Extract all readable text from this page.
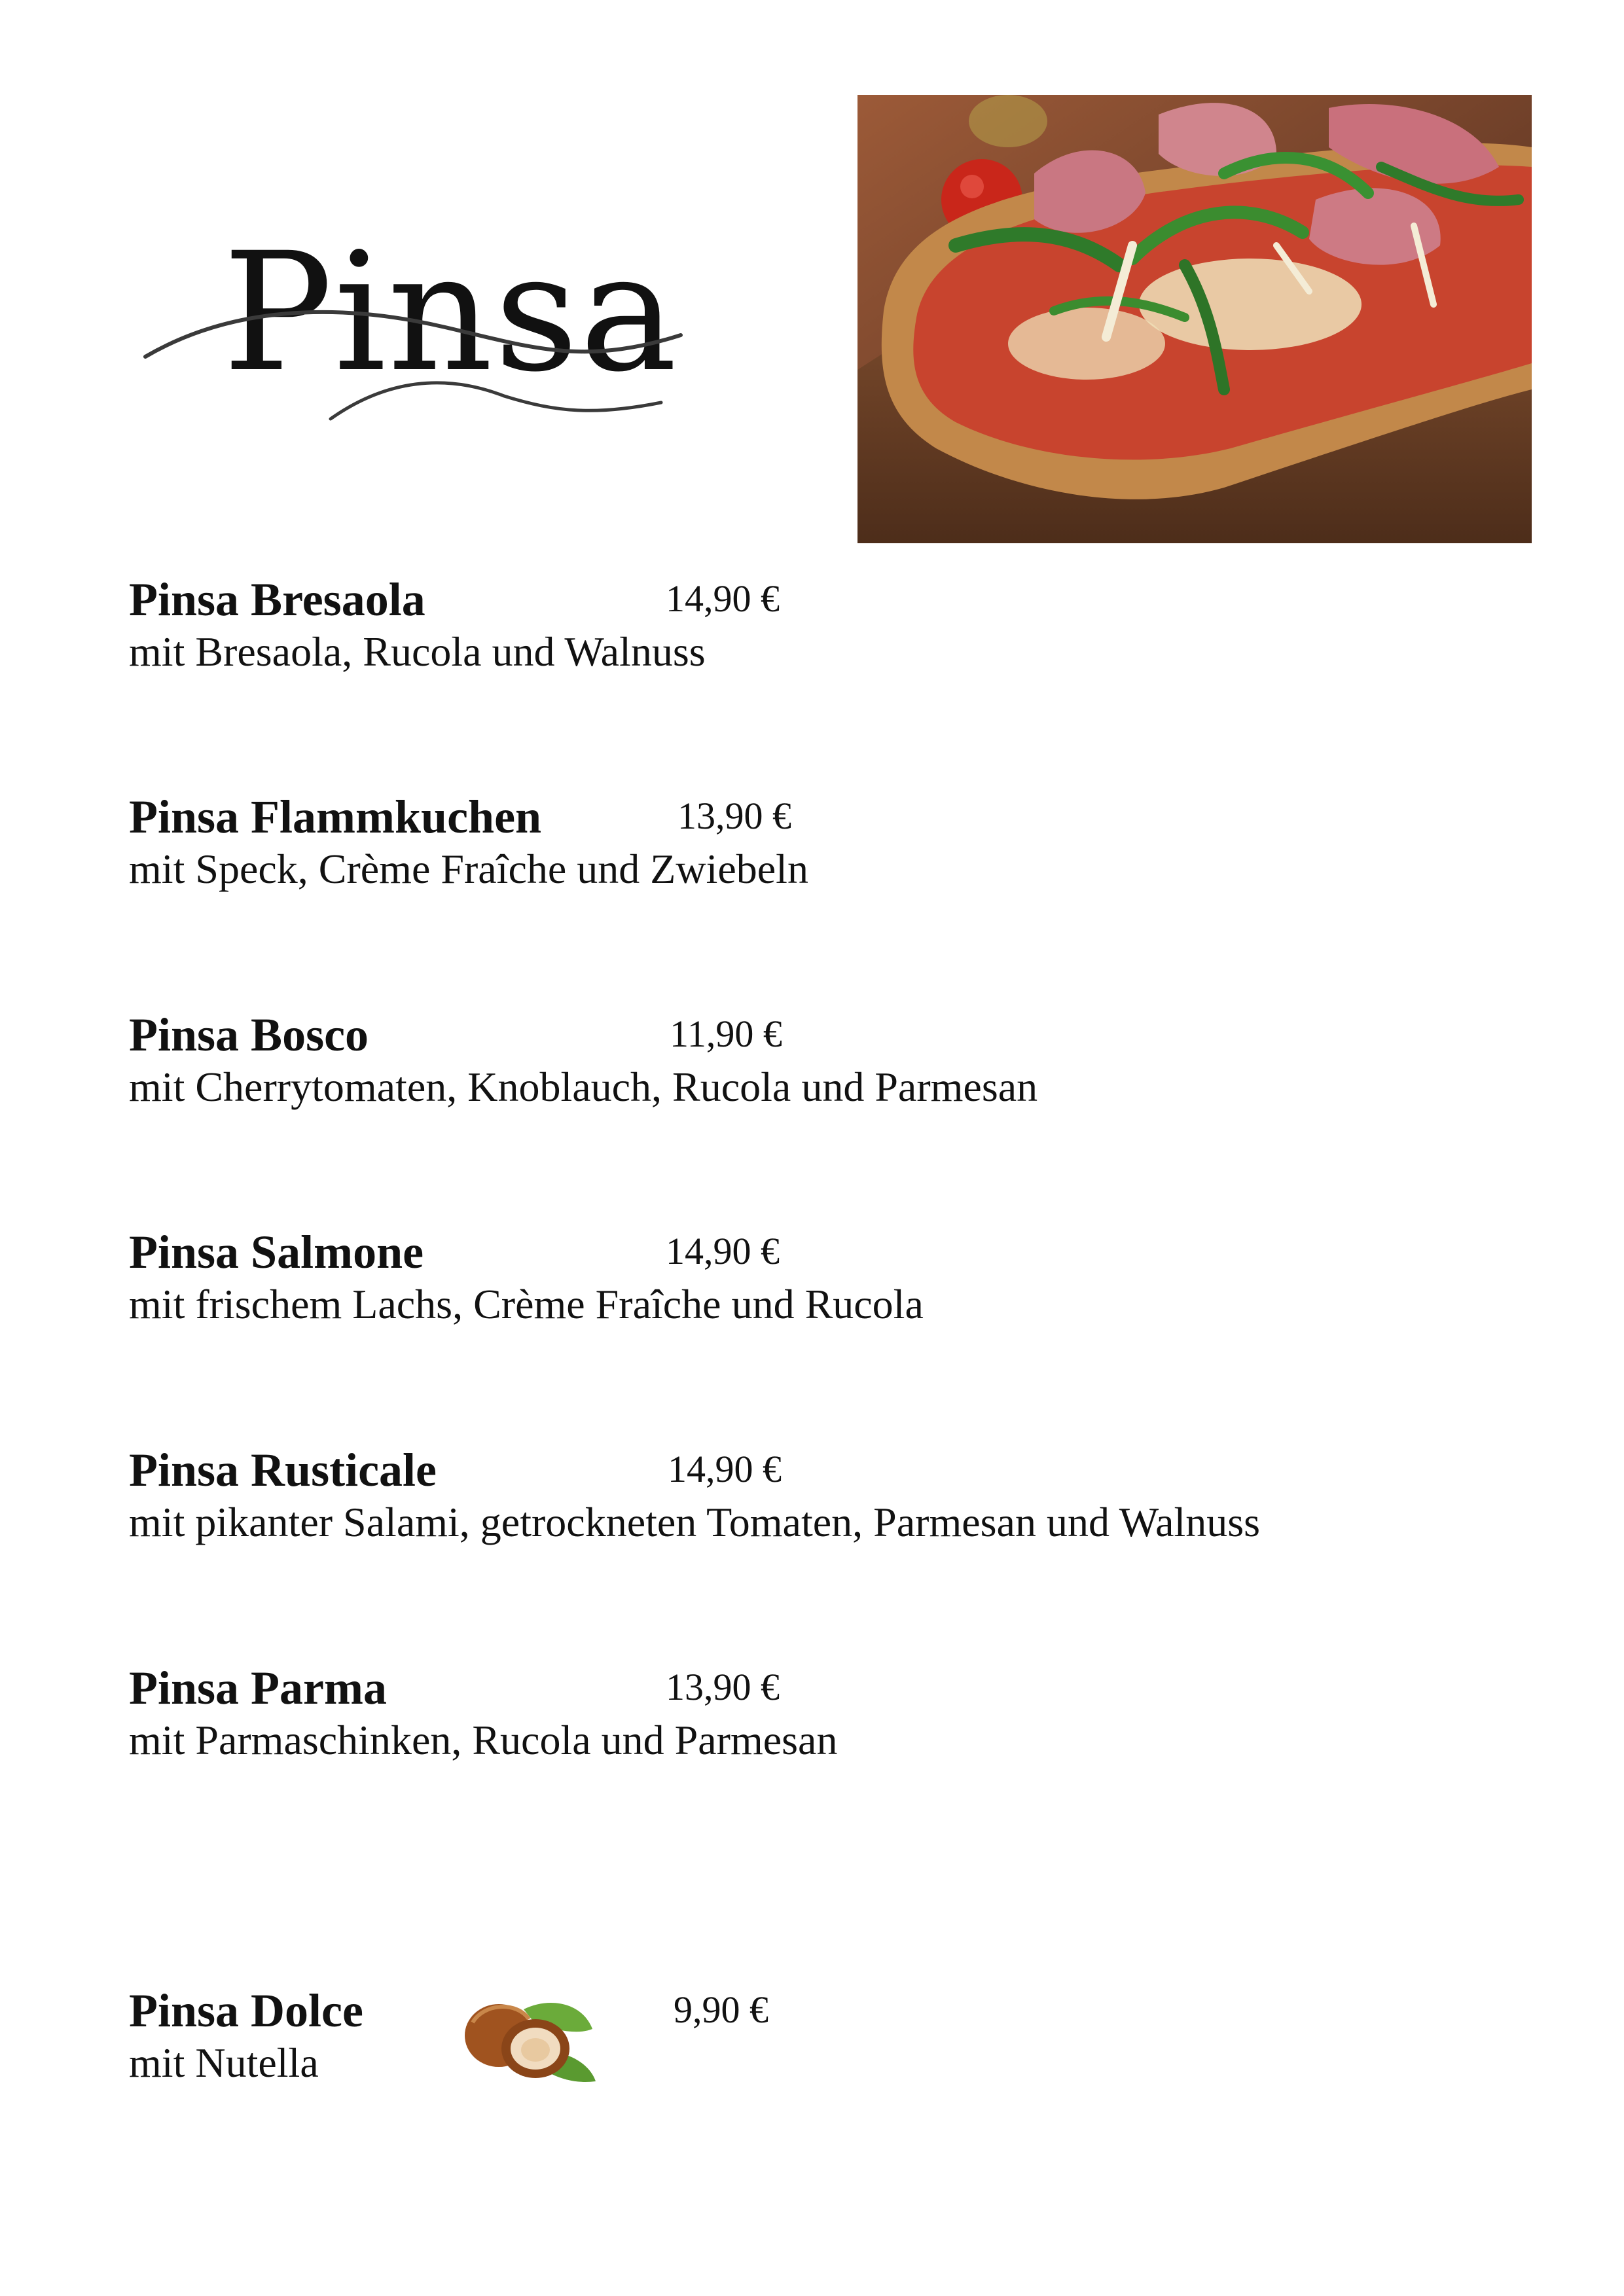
Pinsa
Pinsa Bresaola	14,90 €
mit Bresaola, Rucola und Walnuss
Pinsa Flammkuchen	13,90 €
mit Speck, Crème Fraîche und Zwiebeln
Pinsa Bosco	11,90 €
mit Cherrytomaten, Knoblauch, Rucola und Parmesan
Pinsa Salmone	14,90 €
mit frischem Lachs, Crème Fraîche und Rucola
Pinsa Rusticale	14,90 €
mit pikanter Salami, getrockneten Tomaten, Parmesan und Walnuss
Pinsa Parma	13,90 €
mit Parmaschinken, Rucola und Parmesan
Pinsa Dolce	9,90 €
mit Nutella
